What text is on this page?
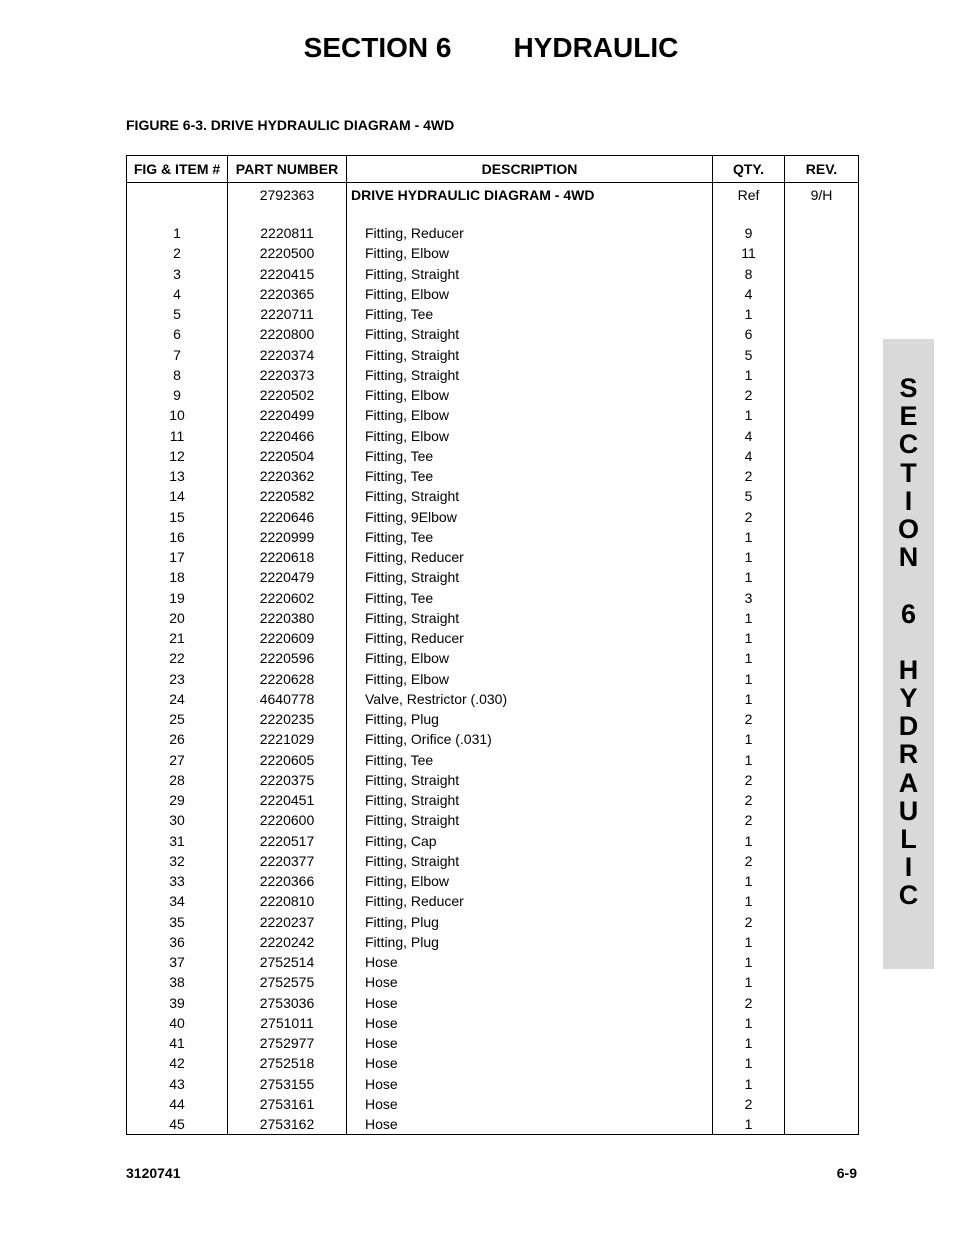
SECTION 6 HYDRAULIC

FIGURE 6-3. DRIVE HYDRAULIC DIAGRAM - 4WD

FIG & ITEM #	PART NUMBER	DESCRIPTION	QTY.	REV.
	2792363	DRIVE HYDRAULIC DIAGRAM - 4WD	Ref	9/H

1	2220811	Fitting, Reducer	9	
2	2220500	Fitting, Elbow	11	
3	2220415	Fitting, Straight	8	
4	2220365	Fitting, Elbow	4	
5	2220711	Fitting, Tee	1	
6	2220800	Fitting, Straight	6	
7	2220374	Fitting, Straight	5	
8	2220373	Fitting, Straight	1	
9	2220502	Fitting, Elbow	2	
10	2220499	Fitting, Elbow	1	
11	2220466	Fitting, Elbow	4	
12	2220504	Fitting, Tee	4	
13	2220362	Fitting, Tee	2	
14	2220582	Fitting, Straight	5	
15	2220646	Fitting, 9Elbow	2	
16	2220999	Fitting, Tee	1	
17	2220618	Fitting, Reducer	1	
18	2220479	Fitting, Straight	1	
19	2220602	Fitting, Tee	3	
20	2220380	Fitting, Straight	1	
21	2220609	Fitting, Reducer	1	
22	2220596	Fitting, Elbow	1	
23	2220628	Fitting, Elbow	1	
24	4640778	Valve, Restrictor (.030)	1	
25	2220235	Fitting, Plug	2	
26	2221029	Fitting, Orifice (.031)	1	
27	2220605	Fitting, Tee	1	
28	2220375	Fitting, Straight	2	
29	2220451	Fitting, Straight	2	
30	2220600	Fitting, Straight	2	
31	2220517	Fitting, Cap	1	
32	2220377	Fitting, Straight	2	
33	2220366	Fitting, Elbow	1	
34	2220810	Fitting, Reducer	1	
35	2220237	Fitting, Plug	2	
36	2220242	Fitting, Plug	1	
37	2752514	Hose	1	
38	2752575	Hose	1	
39	2753036	Hose	2	
40	2751011	Hose	1	
41	2752977	Hose	1	
42	2752518	Hose	1	
43	2753155	Hose	1	
44	2753161	Hose	2	
45	2753162	Hose	1	
3120741	6-9
S
E
C
T
I
O
N
6
H
Y
D
R
A
U
L
I
C
